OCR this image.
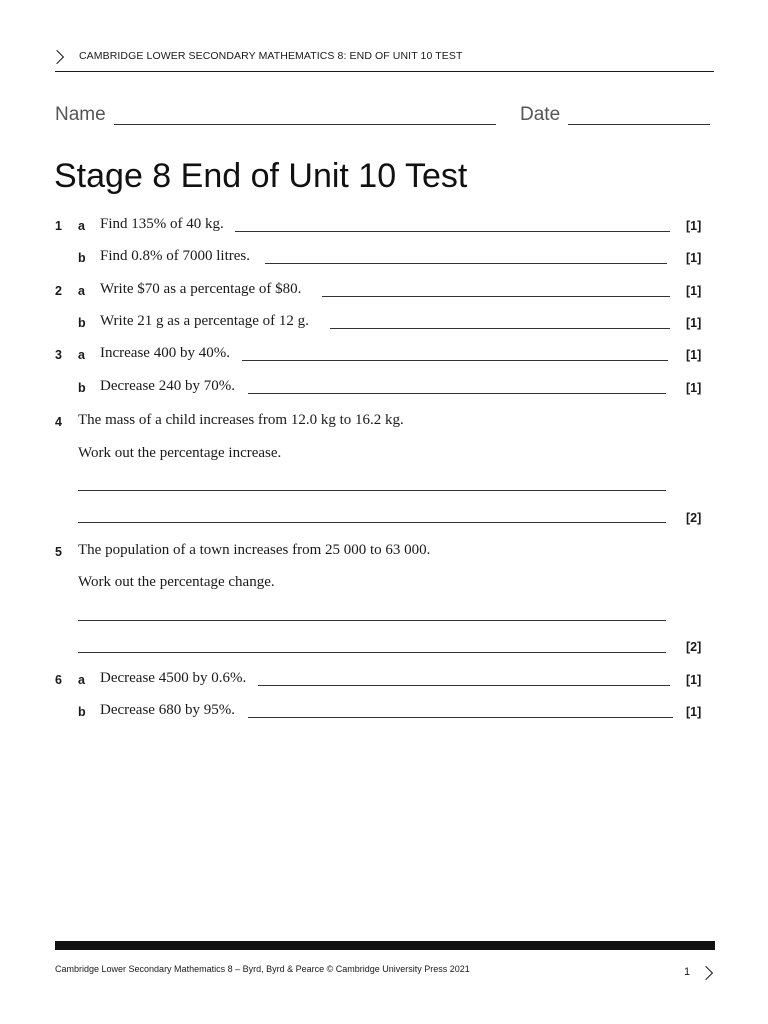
CAMBRIDGE LOWER SECONDARY MATHEMATICS 8: END OF UNIT 10 TEST
Name	Date
Stage 8 End of Unit 10 Test
1 a Find 135% of 40 kg.	[1]
b Find 0.8% of 7000 litres.	[1]
2 a Write $70 as a percentage of $80.	[1]
b Write 21 g as a percentage of 12 g.	[1]
3 a Increase 400 by 40%.	[1]
b Decrease 240 by 70%.	[1]
4 The mass of a child increases from 12.0 kg to 16.2 kg.
Work out the percentage increase.
[2]
5 The population of a town increases from 25 000 to 63 000.
Work out the percentage change.
[2]
6 a Decrease 4500 by 0.6%.	[1]
b Decrease 680 by 95%.	[1]
Cambridge Lower Secondary Mathematics 8 – Byrd, Byrd & Pearce © Cambridge University Press 2021	1
